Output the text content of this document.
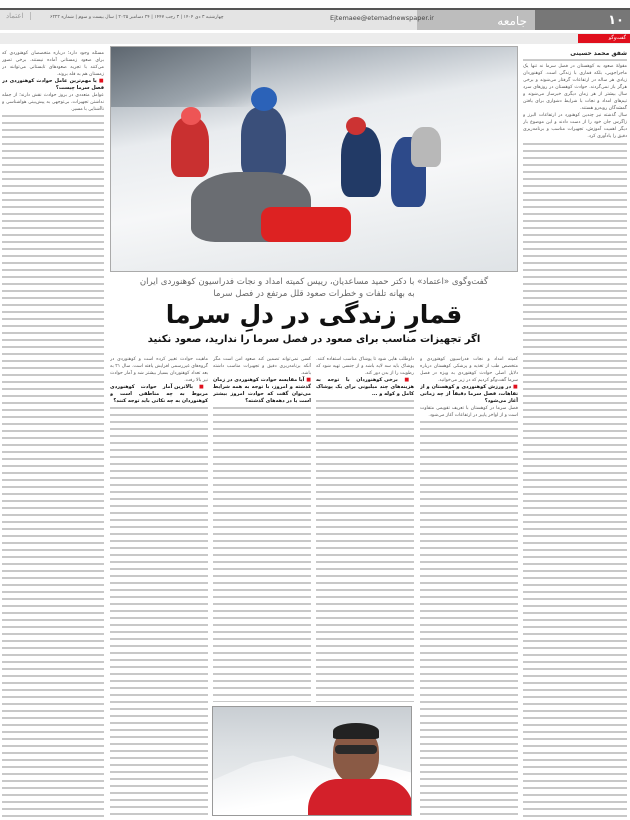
۱۰
جامعه
Ejtemaee@etemadnewspaper.ir
چهارشنبه ۳ دی ۱۴۰۴ | ۳ رجب ۱۴۴۷ | ۲۴ دسامبر ۲۰۲۵ | سال بیست و سوم | شماره ۶۲۲۲
اعتماد
گفت‌وگو
شفق محمد حسینی

مقولهٔ صعود به کوهستان در فصل سرما نه تنها یک ماجراجویی، بلکه قماری با زندگی است. کوهنوردان زیادی هر ساله در ارتفاعات گرفتار می‌شوند و برخی هرگز باز نمی‌گردند. حوادث کوهستان در روزهای سرد سال بیشتر از هر زمان دیگری خبرساز می‌شوند و تیم‌های امداد و نجات با شرایط دشواری برای یافتن گمشدگان روبه‌رو هستند.

سال گذشته نیز چندین کوهنورد در ارتفاعات البرز و زاگرس جان خود را از دست دادند و این موضوع بار دیگر اهمیت آموزش، تجهیزات مناسب و برنامه‌ریزی دقیق را یادآوری کرد.

مسئله وجود دارد؛ درباره متخصصان کوهنوردی که برای صعود زمستانی آماده نیستند. برخی تصور می‌کنند با تجربه صعودهای تابستانی می‌توانند در زمستان هم به قله بروند.

■ یا مهم‌ترین عامل حوادث کوهنوردی در فصل سرما چیست؟

عوامل متعددی در بروز حوادث نقش دارند؛ از جمله نداشتن تجهیزات، بی‌توجهی به پیش‌بینی هواشناسی و ناآشنایی با مسیر.

گفت‌وگوی «اعتماد» با دکتر حمید مساعدیان، رییس کمیته امداد و نجات فدراسیون کوهنوردی ایران
به بهانه تلفات و خطرات صعود قلل مرتفع در فصل سرما
قمارِ زندگی در دلِ سرما
اگر تجهیزات مناسب برای صعود در فصل سرما را ندارید، صعود نکنید

کمیته امداد و نجات فدراسیون کوهنوردی و متخصص طب از تغذیه و پزشکی کوهستان درباره دلایل اصلی حوادث کوهنوردی به ویژه در فصل سرما گفت‌وگو کردیم که در زیر می‌خوانید.

■ در ورزش کوهنوردی و کوهستان و از تفاهات، فصل سرما دقیقاً از چه زمانی آغاز می‌شود؟

فصل سرما در کوهستان با تعریف تقویمی متفاوت است و از اواخر پاییز در ارتفاعات آغاز می‌شود.

داوطلب هایی شود تا پوشاک مناسب استفاده کنند. پوشاک باید سه لایه باشد و از جنسی تهیه شود که رطوبت را از بدن دور کند.

■ برخی کوهنوردان با توجه به هزینه‌های چند میلیونی برای یک پوشاک کامل و کوله و ...

کسی نمی‌تواند تضمین کند صعود امن است مگر آنکه برنامه‌ریزی دقیق و تجهیزات مناسب داشته باشد.

■ آیا مقایسه حوادث کوهنوردی در زمان گذشته و امروز، با توجه به همه شرایط می‌توان گفت که حوادث امروز بیشتر است یا در دهه‌های گذشته؟

ماهیت حوادث تغییر کرده است و کوهنوردی در گروه‌های غیررسمی افزایش یافته است. سال ۲۱ به بعد تعداد کوهنوردان بسیار بیشتر شد و آمار حوادث نیز بالا رفت.

■ بالاترین آمار حوادث کوهنوردی مربوط به چه مناطقی است و کوهنوردان به چه نکاتی باید توجه کنند؟
